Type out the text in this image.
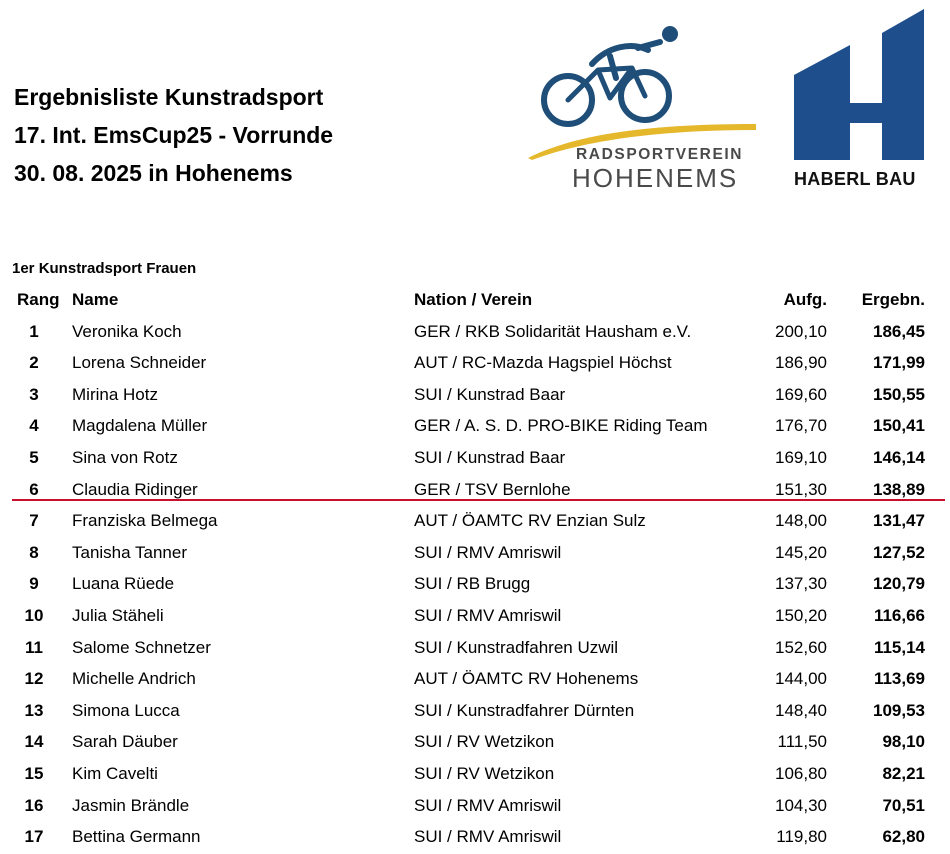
Ergebnisliste Kunstradsport
17. Int. EmsCup25 - Vorrunde
30. 08. 2025 in Hohenems
RADSPORTVEREIN
HOHENEMS	HABERL BAU
1er Kunstradsport Frauen
Rang Name	Nation / Verein	Aufg. Ergebn.
1	Veronika Koch	GER / RKB Solidarität Hausham e.V.	200,10	186,45
2	Lorena Schneider	AUT / RC-Mazda Hagspiel Höchst	186,90	171,99
3	Mirina Hotz	SUI / Kunstrad Baar	169,60	150,55
4	Magdalena Müller	GER / A. S. D. PRO-BIKE Riding Team	176,70	150,41
5	Sina von Rotz	SUI / Kunstrad Baar	169,10	146,14
6	Claudia Ridinger	GER / TSV Bernlohe	151,30	138,89
7	Franziska Belmega	AUT / ÖAMTC RV Enzian Sulz	148,00	131,47
8	Tanisha Tanner	SUI / RMV Amriswil	145,20	127,52
9	Luana Rüede	SUI / RB Brugg	137,30	120,79
10	Julia Stäheli	SUI / RMV Amriswil	150,20	116,66
11	Salome Schnetzer	SUI / Kunstradfahren Uzwil	152,60	115,14
12	Michelle Andrich	AUT / ÖAMTC RV Hohenems	144,00	113,69
13	Simona Lucca	SUI / Kunstradfahrer Dürnten	148,40	109,53
14	Sarah Däuber	SUI / RV Wetzikon	111,50	98,10
15	Kim Cavelti	SUI / RV Wetzikon	106,80	82,21
16	Jasmin Brändle	SUI / RMV Amriswil	104,30	70,51
17	Bettina Germann	SUI / RMV Amriswil	119,80	62,80
